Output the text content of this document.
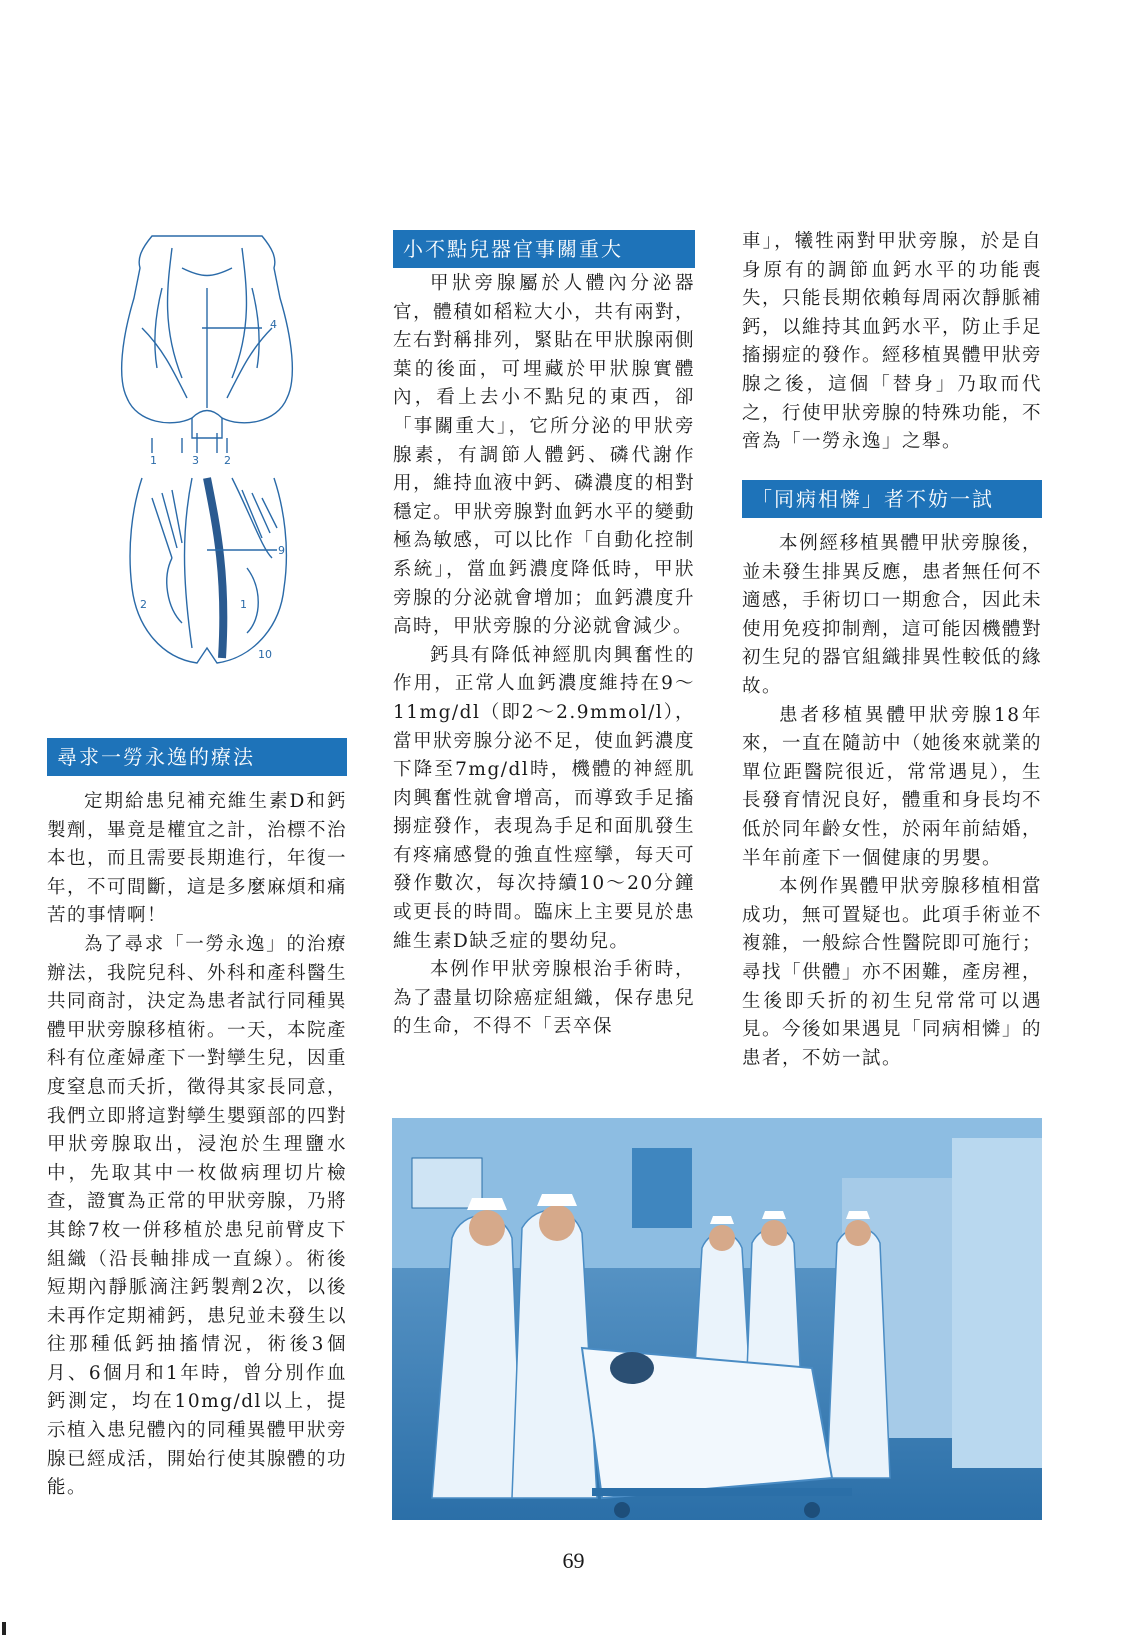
4
1	3 2
9
2	1
10
尋求一勞永逸的療法
小不點兒器官事關重大
「同病相憐」者不妨一試

定期給患兒補充維生素D和鈣製劑，畢竟是權宜之計，治標不治本也，而且需要長期進行，年復一年，不可間斷，這是多麼麻煩和痛苦的事情啊！

為了尋求「一勞永逸」的治療辦法，我院兒科、外科和產科醫生共同商討，決定為患者試行同種異體甲狀旁腺移植術。一天，本院產科有位產婦產下一對孿生兒，因重度窒息而夭折，徵得其家長同意，我們立即將這對孿生嬰頸部的四對甲狀旁腺取出，浸泡於生理鹽水中，先取其中一枚做病理切片檢查，證實為正常的甲狀旁腺，乃將其餘7枚一併移植於患兒前臂皮下組織（沿長軸排成一直線）。術後短期內靜脈滴注鈣製劑2次，以後未再作定期補鈣，患兒並未發生以往那種低鈣抽搐情況，術後3個月、6個月和1年時，曾分別作血鈣測定，均在10mg/dl以上，提示植入患兒體內的同種異體甲狀旁腺已經成活，開始行使其腺體的功能。

甲狀旁腺屬於人體內分泌器官，體積如稻粒大小，共有兩對，左右對稱排列，緊貼在甲狀腺兩側葉的後面，可埋藏於甲狀腺實體內，看上去小不點兒的東西，卻「事關重大」，它所分泌的甲狀旁腺素，有調節人體鈣、磷代謝作用，維持血液中鈣、磷濃度的相對穩定。甲狀旁腺對血鈣水平的變動極為敏感，可以比作「自動化控制系統」，當血鈣濃度降低時，甲狀旁腺的分泌就會增加；血鈣濃度升高時，甲狀旁腺的分泌就會減少。

鈣具有降低神經肌肉興奮性的作用，正常人血鈣濃度維持在9～11mg/dl（即2～2.9mmol/l），當甲狀旁腺分泌不足，使血鈣濃度下降至7mg/dl時，機體的神經肌肉興奮性就會增高，而導致手足搐搦症發作，表現為手足和面肌發生有疼痛感覺的強直性痙攣，每天可發作數次，每次持續10～20分鐘或更長的時間。臨床上主要見於患維生素D缺乏症的嬰幼兒。

本例作甲狀旁腺根治手術時，為了盡量切除癌症組織，保存患兒的生命，不得不「丟卒保

車」，犧牲兩對甲狀旁腺，於是自身原有的調節血鈣水平的功能喪失，只能長期依賴每周兩次靜脈補鈣，以維持其血鈣水平，防止手足搐搦症的發作。經移植異體甲狀旁腺之後，這個「替身」乃取而代之，行使甲狀旁腺的特殊功能，不啻為「一勞永逸」之舉。

本例經移植異體甲狀旁腺後，並未發生排異反應，患者無任何不適感，手術切口一期愈合，因此未使用免疫抑制劑，這可能因機體對初生兒的器官組織排異性較低的緣故。

患者移植異體甲狀旁腺18年來，一直在隨訪中（她後來就業的單位距醫院很近，常常遇見），生長發育情況良好，體重和身長均不低於同年齡女性，於兩年前結婚，半年前產下一個健康的男嬰。

本例作異體甲狀旁腺移植相當成功，無可置疑也。此項手術並不複雜，一般綜合性醫院即可施行；尋找「供體」亦不困難，產房裡，生後即夭折的初生兒常常可以遇見。今後如果遇見「同病相憐」的患者，不妨一試。

69
